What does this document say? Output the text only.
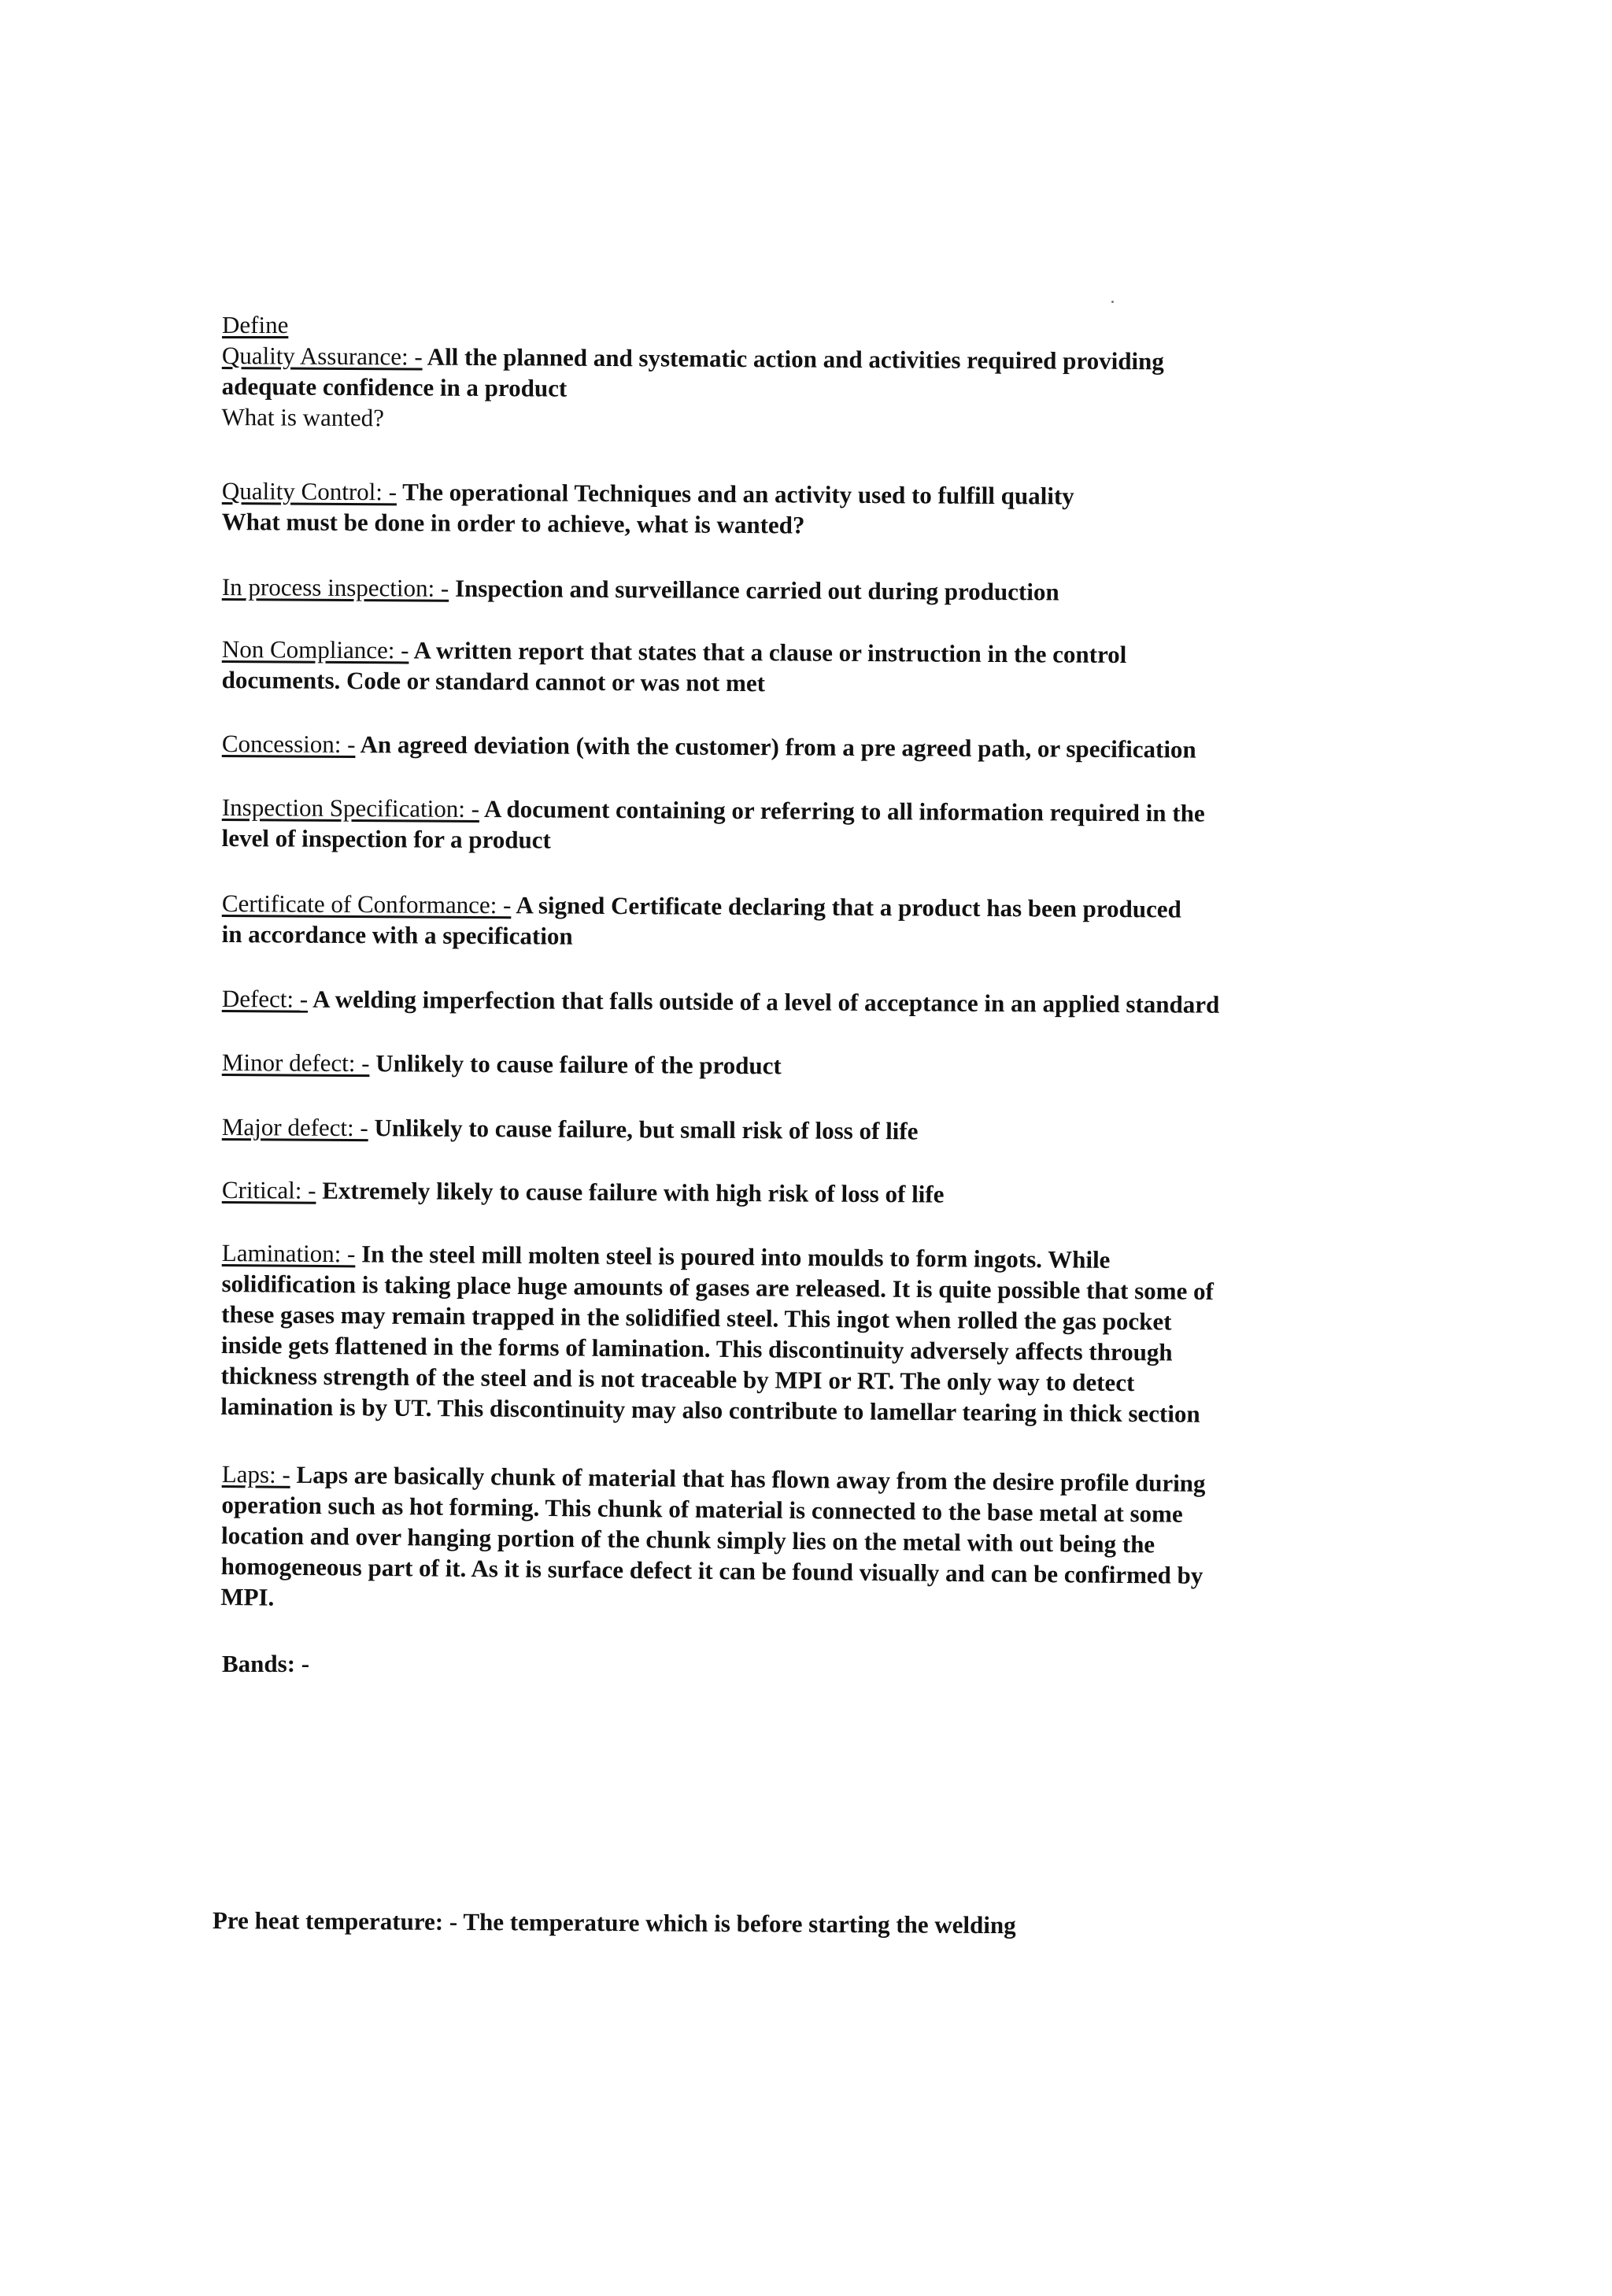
Define
Quality Assurance: - All the planned and systematic action and activities required providing
adequate confidence in a product
What is wanted?
Quality Control: - The operational Techniques and an activity used to fulfill quality
What must be done in order to achieve, what is wanted?
In process inspection: - Inspection and surveillance carried out during production
Non Compliance: - A written report that states that a clause or instruction in the control
documents. Code or standard cannot or was not met
Concession: - An agreed deviation (with the customer) from a pre agreed path, or specification
Inspection Specification: - A document containing or referring to all information required in the
level of inspection for a product
Certificate of Conformance: - A signed Certificate declaring that a product has been produced
in accordance with a specification
Defect: - A welding imperfection that falls outside of a level of acceptance in an applied standard
Minor defect: - Unlikely to cause failure of the product
Major defect: - Unlikely to cause failure, but small risk of loss of life
Critical: - Extremely likely to cause failure with high risk of loss of life
Lamination: - In the steel mill molten steel is poured into moulds to form ingots. While
solidification is taking place huge amounts of gases are released. It is quite possible that some of
these gases may remain trapped in the solidified steel. This ingot when rolled the gas pocket
inside gets flattened in the forms of lamination. This discontinuity adversely affects through
thickness strength of the steel and is not traceable by MPI or RT. The only way to detect
lamination is by UT. This discontinuity may also contribute to lamellar tearing in thick section
Laps: - Laps are basically chunk of material that has flown away from the desire profile during
operation such as hot forming. This chunk of material is connected to the base metal at some
location and over hanging portion of the chunk simply lies on the metal with out being the
homogeneous part of it. As it is surface defect it can be found visually and can be confirmed by
MPI.
Bands: -
Pre heat temperature: - The temperature which is before starting the welding
